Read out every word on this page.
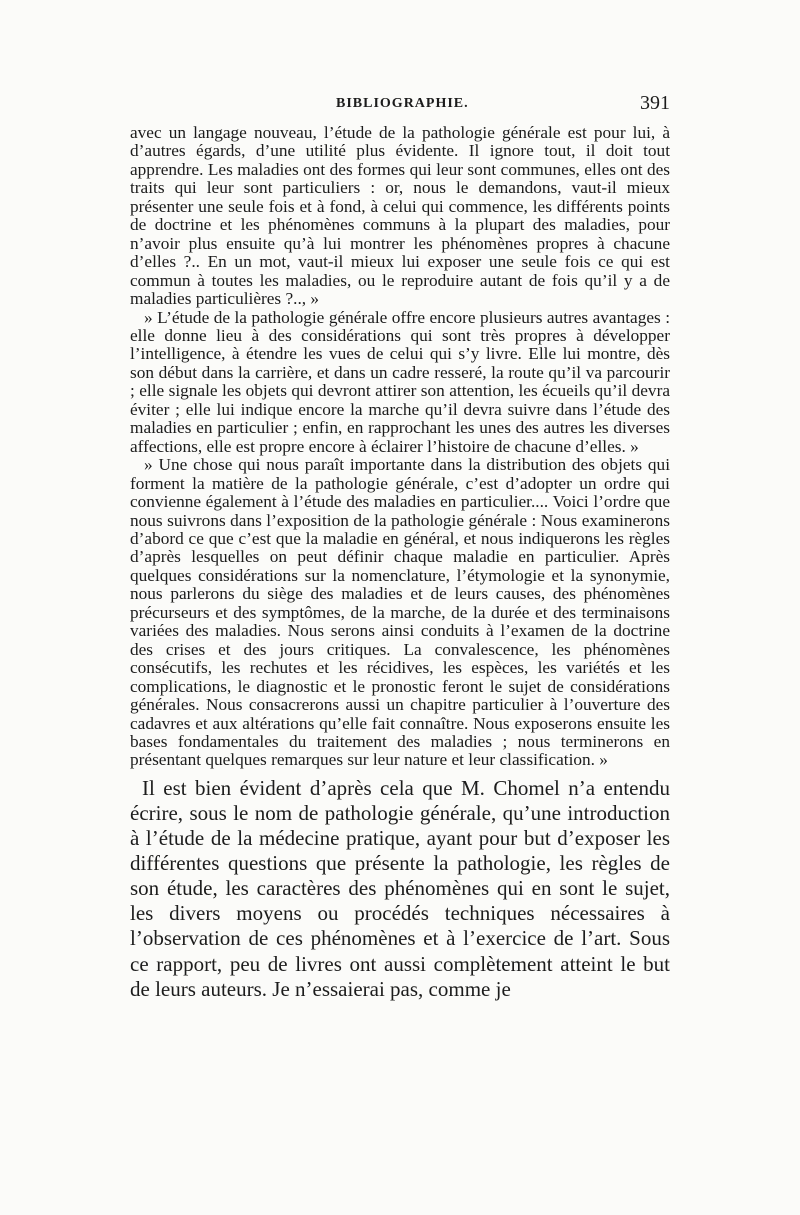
BIBLIOGRAPHIE.	391

avec un langage nouveau, l’étude de la pathologie générale est pour lui, à d’autres égards, d’une utilité plus évidente. Il ignore tout, il doit tout apprendre. Les maladies ont des formes qui leur sont communes, elles ont des traits qui leur sont particuliers : or, nous le demandons, vaut-il mieux présenter une seule fois et à fond, à celui qui commence, les différents points de doctrine et les phénomènes communs à la plupart des maladies, pour n’avoir plus ensuite qu’à lui montrer les phénomènes propres à chacune d’elles ?.. En un mot, vaut-il mieux lui exposer une seule fois ce qui est commun à toutes les maladies, ou le reproduire autant de fois qu’il y a de maladies particulières ?.., »

» L’étude de la pathologie générale offre encore plusieurs autres avantages : elle donne lieu à des considérations qui sont très propres à développer l’intelligence, à étendre les vues de celui qui s’y livre. Elle lui montre, dès son début dans la carrière, et dans un cadre resseré, la route qu’il va parcourir ; elle signale les objets qui devront attirer son attention, les écueils qu’il devra éviter ; elle lui indique encore la marche qu’il devra suivre dans l’étude des maladies en particulier ; enfin, en rapprochant les unes des autres les diverses affections, elle est propre encore à éclairer l’histoire de chacune d’elles. »

» Une chose qui nous paraît importante dans la distribution des objets qui forment la matière de la pathologie générale, c’est d’adopter un ordre qui convienne également à l’étude des maladies en particulier.... Voici l’ordre que nous suivrons dans l’exposition de la pathologie générale : Nous examinerons d’abord ce que c’est que la maladie en général, et nous indiquerons les règles d’après lesquelles on peut définir chaque maladie en particulier. Après quelques considérations sur la nomenclature, l’étymologie et la synonymie, nous parlerons du siège des maladies et de leurs causes, des phénomènes précurseurs et des symptômes, de la marche, de la durée et des terminaisons variées des maladies. Nous serons ainsi conduits à l’examen de la doctrine des crises et des jours critiques. La convalescence, les phénomènes consécutifs, les rechutes et les récidives, les espèces, les variétés et les complications, le diagnostic et le pronostic feront le sujet de considérations générales. Nous consacrerons aussi un chapitre particulier à l’ouverture des cadavres et aux altérations qu’elle fait connaître. Nous exposerons ensuite les bases fondamentales du traitement des maladies ; nous terminerons en présentant quelques remarques sur leur nature et leur classification. »

Il est bien évident d’après cela que M. Chomel n’a entendu écrire, sous le nom de pathologie générale, qu’une introduction à l’étude de la médecine pratique, ayant pour but d’exposer les différentes questions que présente la pathologie, les règles de son étude, les caractères des phénomènes qui en sont le sujet, les divers moyens ou procédés techniques nécessaires à l’observation de ces phénomènes et à l’exercice de l’art. Sous ce rapport, peu de livres ont aussi complètement atteint le but de leurs auteurs. Je n’essaierai pas, comme je
